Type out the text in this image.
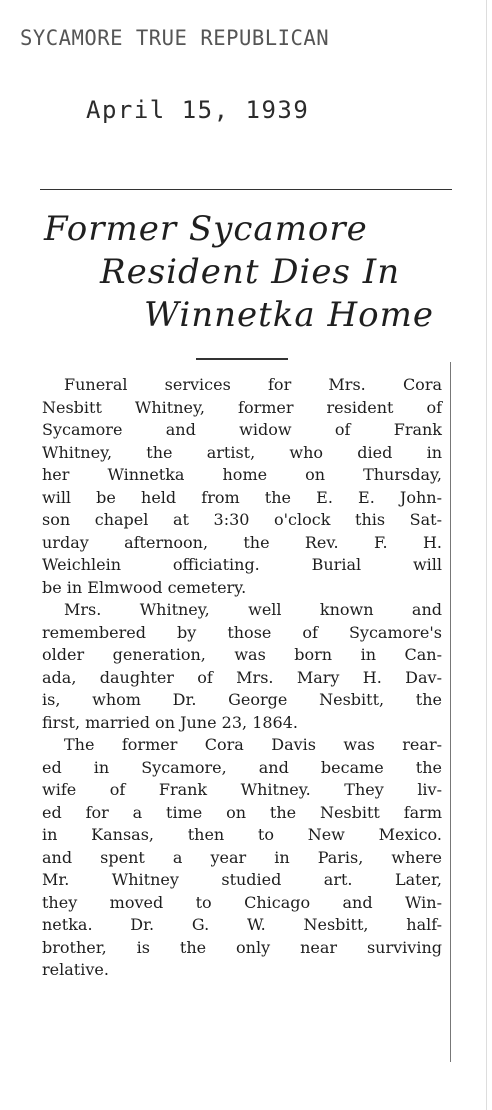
SYCAMORE TRUE REPUBLICAN
April 15, 1939
Former Sycamore
Resident Dies In
Winnetka Home
Funeral services for Mrs. Cora
Nesbitt Whitney, former resident of
Sycamore and widow of Frank
Whitney, the artist, who died in
her Winnetka home on Thursday,
will be held from the E. E. John-
son chapel at 3:30 o'clock this Sat-
urday afternoon, the Rev. F. H.
Weichlein officiating. Burial will
be in Elmwood cemetery.
Mrs. Whitney, well known and
remembered by those of Sycamore's
older generation, was born in Can-
ada, daughter of Mrs. Mary H. Dav-
is, whom Dr. George Nesbitt, the
first, married on June 23, 1864.
The former Cora Davis was rear-
ed in Sycamore, and became the
wife of Frank Whitney. They liv-
ed for a time on the Nesbitt farm
in Kansas, then to New Mexico.
and spent a year in Paris, where
Mr. Whitney studied art. Later,
they moved to Chicago and Win-
netka. Dr. G. W. Nesbitt, half-
brother, is the only near surviving
relative.
